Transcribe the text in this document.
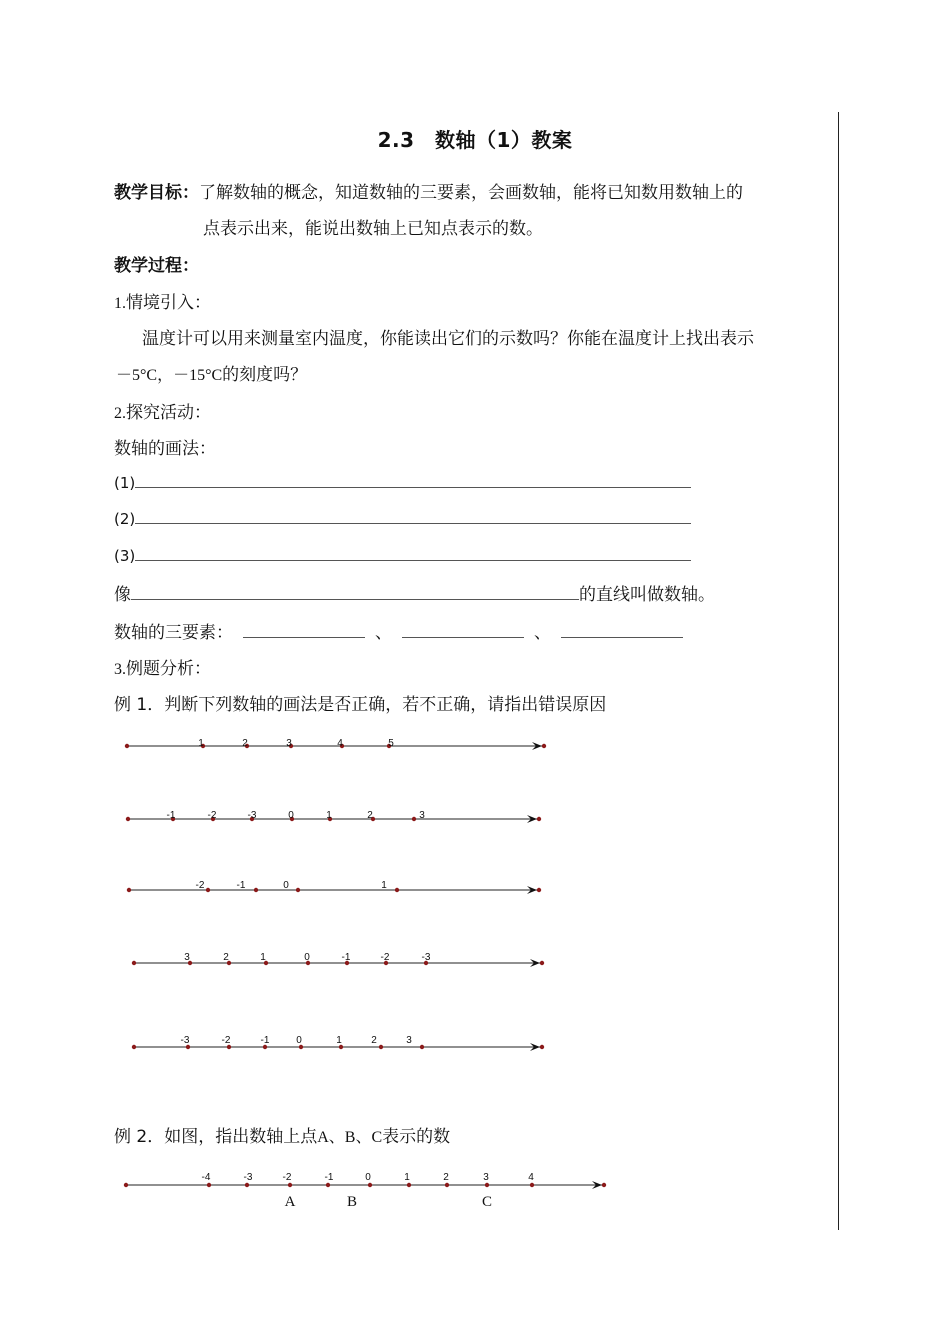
2.3　数轴（1）教案
教学目标：了解数轴的概念，知道数轴的三要素，会画数轴，能将已知数用数轴上的
点表示出来，能说出数轴上已知点表示的数。
教学过程：
1.情境引入：
温度计可以用来测量室内温度，你能读出它们的示数吗？你能在温度计上找出表示
－5°C，－15°C的刻度吗？
2.探究活动：
数轴的画法：
(1)
(2)
(3)
像	的直线叫做数轴。
数轴的三要素：	、	、
3.例题分析：
例 1．判断下列数轴的画法是否正确，若不正确，请指出错误原因
例 2．如图，指出数轴上点A、B、C表示的数
1	2	3	4	5
-1	-2	-3	0	1	2	3
-2	-1	0	1
3	2	1	0	-1	-2	-3
-3	-2	-1	0	1	2	3
-4	-3	-2	-1	0	1	2	3	4
A	B	C
